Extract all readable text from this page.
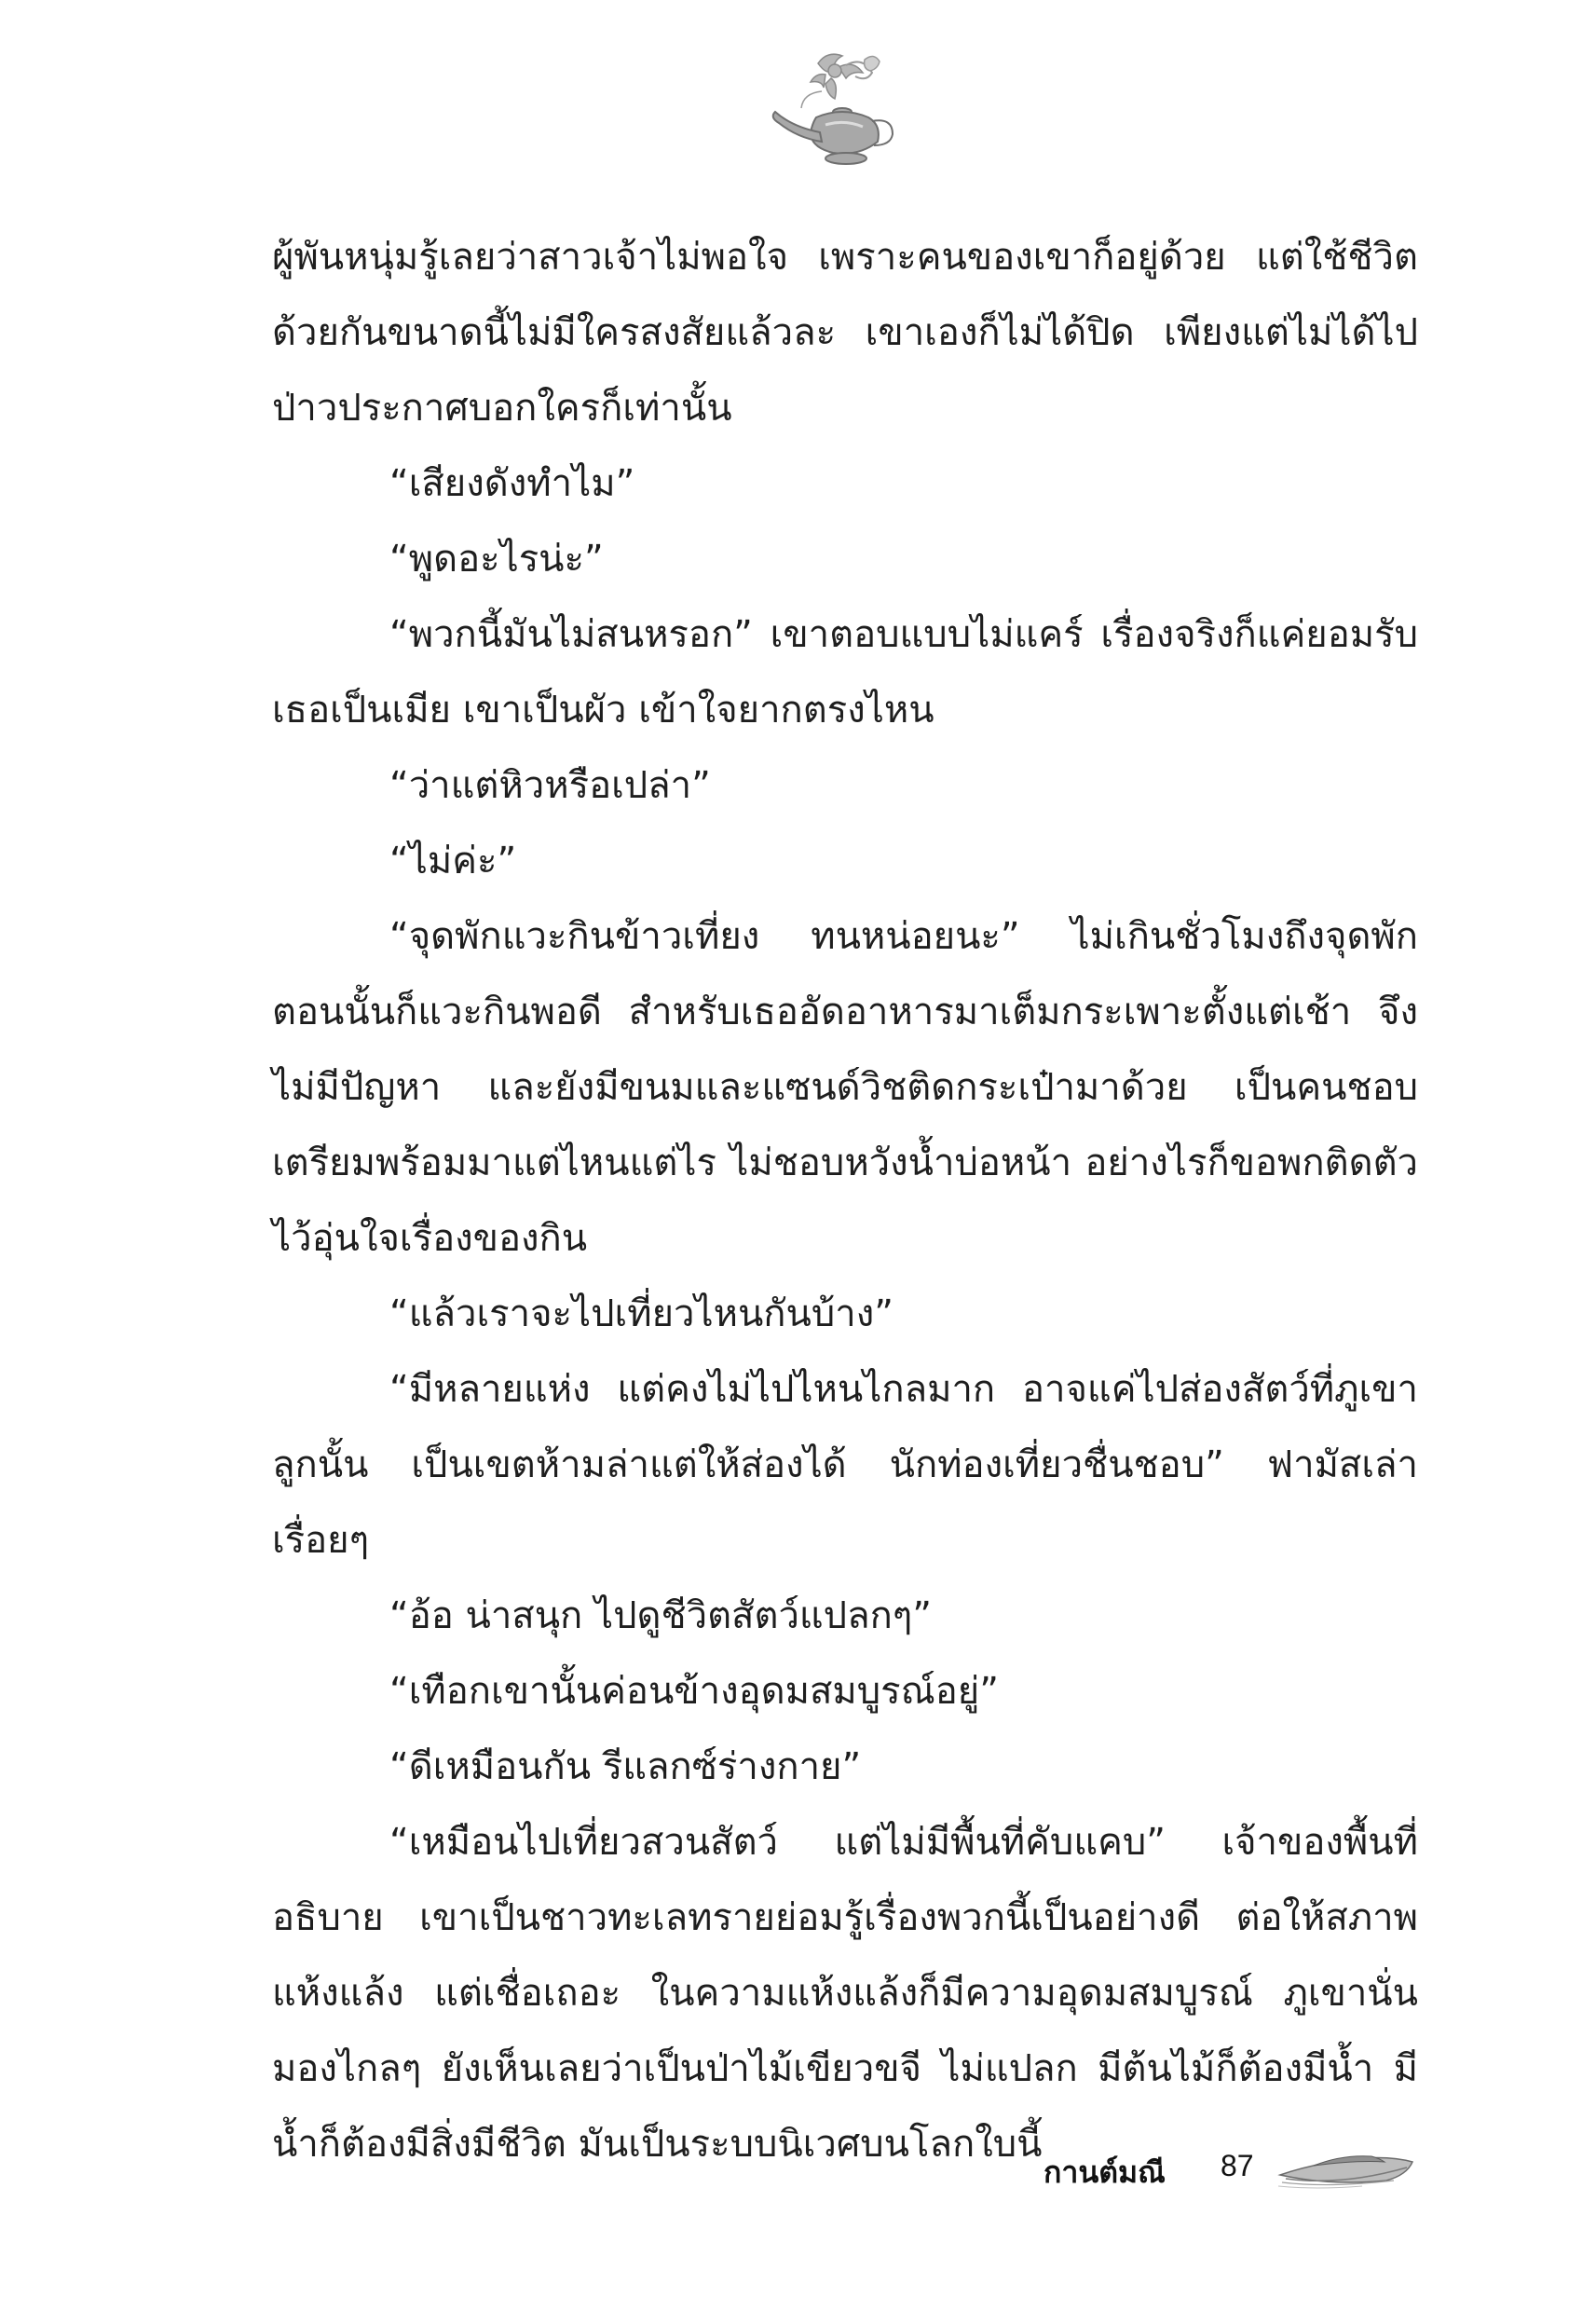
ผู้พันหนุ่มรู้เลยว่าสาวเจ้าไม่พอใจ เพราะคนของเขาก็อยู่ด้วย แต่ใช้ชีวิตด้วยกันขนาดนี้ไม่มีใครสงสัยแล้วละ เขาเองก็ไม่ได้ปิด เพียงแต่ไม่ได้ไปป่าวประกาศบอกใครก็เท่านั้น

“เสียงดังทำไม”

“พูดอะไรน่ะ”

“พวกนี้มันไม่สนหรอก” เขาตอบแบบไม่แคร์ เรื่องจริงก็แค่ยอมรับเธอเป็นเมีย เขาเป็นผัว เข้าใจยากตรงไหน

“ว่าแต่หิวหรือเปล่า”

“ไม่ค่ะ”

“จุดพักแวะกินข้าวเที่ยง ทนหน่อยนะ” ไม่เกินชั่วโมงถึงจุดพัก ตอนนั้นก็แวะกินพอดี สำหรับเธออัดอาหารมาเต็มกระเพาะตั้งแต่เช้า จึงไม่มีปัญหา และยังมีขนมและแซนด์วิชติดกระเป๋ามาด้วย เป็นคนชอบเตรียมพร้อมมาแต่ไหนแต่ไร ไม่ชอบหวังน้ำบ่อหน้า อย่างไรก็ขอพกติดตัวไว้อุ่นใจเรื่องของกิน

“แล้วเราจะไปเที่ยวไหนกันบ้าง”

“มีหลายแห่ง แต่คงไม่ไปไหนไกลมาก อาจแค่ไปส่องสัตว์ที่ภูเขาลูกนั้น เป็นเขตห้ามล่าแต่ให้ส่องได้ นักท่องเที่ยวชื่นชอบ” ฟามัสเล่าเรื่อยๆ

“อ้อ น่าสนุก ไปดูชีวิตสัตว์แปลกๆ”

“เทือกเขานั้นค่อนข้างอุดมสมบูรณ์อยู่”

“ดีเหมือนกัน รีแลกซ์ร่างกาย”

“เหมือนไปเที่ยวสวนสัตว์ แต่ไม่มีพื้นที่คับแคบ” เจ้าของพื้นที่อธิบาย เขาเป็นชาวทะเลทรายย่อมรู้เรื่องพวกนี้เป็นอย่างดี ต่อให้สภาพแห้งแล้ง แต่เชื่อเถอะ ในความแห้งแล้งก็มีความอุดมสมบูรณ์ ภูเขานั่นมองไกลๆ ยังเห็นเลยว่าเป็นป่าไม้เขียวขจี ไม่แปลก มีต้นไม้ก็ต้องมีน้ำ มีน้ำก็ต้องมีสิ่งมีชีวิต มันเป็นระบบนิเวศบนโลกใบนี้

กานต์มณี 87
